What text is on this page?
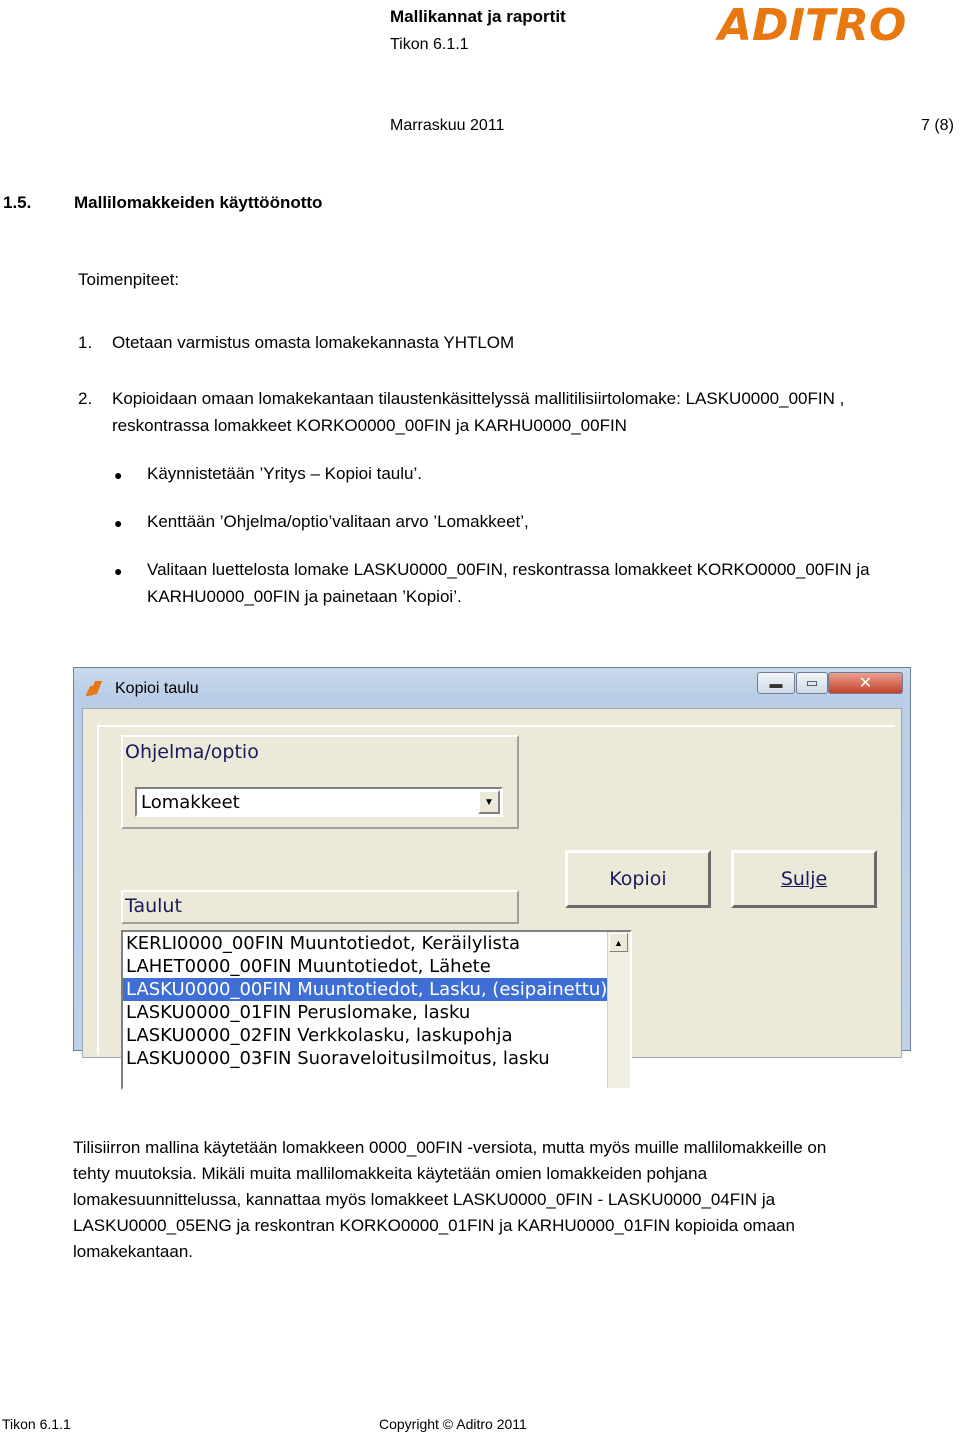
Mallikannat ja raportit
Tikon 6.1.1	ADITRO
Marraskuu 2011	7 (8)
1.5.	Mallilomakkeiden käyttöönotto
Toimenpiteet:
1. Otetaan varmistus omasta lomakekannasta YHTLOM
2. Kopioidaan omaan lomakekantaan tilaustenkäsittelyssä mallitilisiirtolomake: LASKU0000_00FIN ,
reskontrassa lomakkeet KORKO0000_00FIN ja KARHU0000_00FIN
● Käynnistetään ’Yritys – Kopioi taulu’.
● Kenttään ’Ohjelma/optio’valitaan arvo ’Lomakkeet’,
● Valitaan luettelosta lomake LASKU0000_00FIN, reskontrassa lomakkeet KORKO0000_00FIN ja
KARHU0000_00FIN ja painetaan ’Kopioi’.
Kopioi taulu	▬ ▭	✕
Ohjelma/optio
Lomakkeet	▼
Kopioi	Sulje
Taulut
KERLI0000_00FIN Muuntotiedot, Keräilylista
LAHET0000_00FIN Muuntotiedot, Lähete
LASKU0000_00FIN Muuntotiedot, Lasku, (esipainettu)
LASKU0000_01FIN Peruslomake, lasku
LASKU0000_02FIN Verkkolasku, laskupohja
LASKU0000_03FIN Suoraveloitusilmoitus, lasku
▲
Tilisiirron mallina käytetään lomakkeen 0000_00FIN -versiota, mutta myös muille mallilomakkeille on
tehty muutoksia. Mikäli muita mallilomakkeita käytetään omien lomakkeiden pohjana
lomakesuunnittelussa, kannattaa myös lomakkeet LASKU0000_0FIN - LASKU0000_04FIN ja
LASKU0000_05ENG ja reskontran KORKO0000_01FIN ja KARHU0000_01FIN kopioida omaan
lomakekantaan.
Tikon 6.1.1	Copyright © Aditro 2011
